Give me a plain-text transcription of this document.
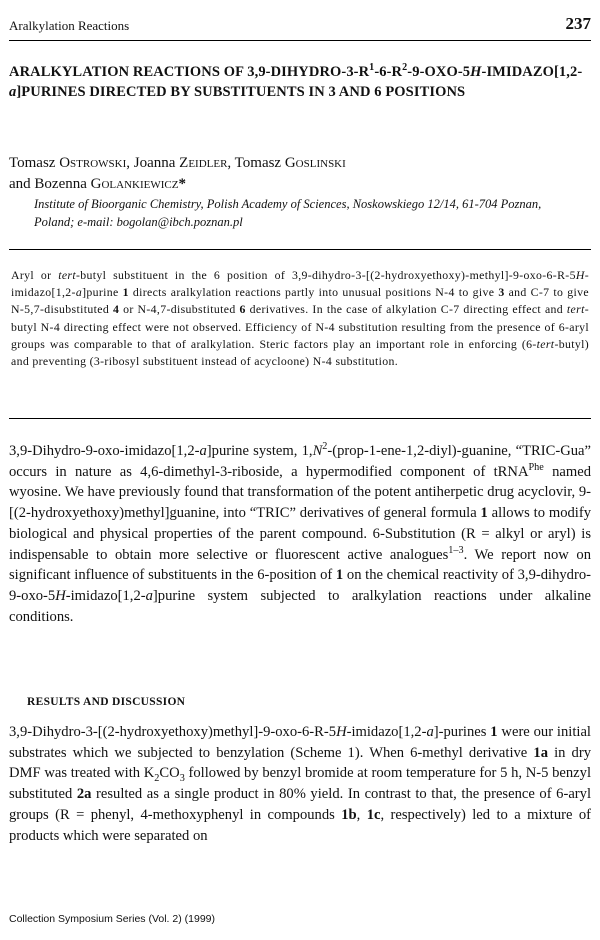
Aralkylation Reactions	237
ARALKYLATION REACTIONS OF $3,9-DIHYDRO-3-R^1-6-R^2-9-OXO-5H-IMIDAZO[1,2-a]PURINES$ DIRECTED BY SUBSTITUENTS IN 3 AND 6 POSITIONS
Tomasz Ostrowski, Joanna Zeidler, Tomasz Goslinski
and Bozenna Golankiewicz*
Institute of Bioorganic Chemistry, Polish Academy of Sciences, Noskowskiego 12/14, 61-704 Poznan, Poland; e-mail: bogolan@ibch.poznan.pl
Aryl or tert-butyl substituent in the 6 position of 3,9-dihydro-3-[(2-hydroxyethoxy)-methyl]-9-oxo-6-R-5H-imidazo[1,2-a]purine 1 directs aralkylation reactions partly into unusual positions N-4 to give 3 and C-7 to give N-5,7-disubstituted 4 or N-4,7-disubstituted 6 derivatives. In the case of alkylation C-7 directing effect and tert-butyl N-4 directing effect were not observed. Efficiency of N-4 substitution resulting from the presence of 6-aryl groups was comparable to that of aralkylation. Steric factors play an important role in enforcing (6-tert-butyl) and preventing (3-ribosyl substituent instead of acycloone) N-4 substitution.
3,9-Dihydro-9-oxo-imidazo[1,2-a]purine system, $1,N^2-(prop-1-ene-1,2-diyl)$-guanine, “TRIC-Gua” occurs in nature as 4,6-dimethyl-3-riboside, a hypermodified component of tRNA$^{Phe}$ named wyosine. We have previously found that transformation of the potent antiherpetic drug acyclovir, 9-[(2-hydroxyethoxy)methyl]guanine, into “TRIC” derivatives of general formula 1 allows to modify biological and physical properties of the parent compound. 6-Substitution (R = alkyl or aryl) is indispensable to obtain more selective or fluorescent active analogues$^{1-3}$. We report now on significant influence of substituents in the 6-position of 1 on the chemical reactivity of 3,9-dihydro-9-oxo-5H-imidazo[1,2-a]purine system subjected to aralkylation reactions under alkaline conditions.
RESULTS AND DISCUSSION
3,9-Dihydro-3-[(2-hydroxyethoxy)methyl]-9-oxo-6-R-5H-imidazo[1,2-a]-purines 1 were our initial substrates which we subjected to benzylation (Scheme 1). When 6-methyl derivative 1a in dry DMF was treated with $K_2CO_3$ followed by benzyl bromide at room temperature for 5 h, N-5 benzyl substituted 2a resulted as a single product in 80% yield. In contrast to that, the presence of 6-aryl groups (R = phenyl, 4-methoxyphenyl in compounds 1b, 1c, respectively) led to a mixture of products which were separated on
Collection Symposium Series (Vol. 2) (1999)
